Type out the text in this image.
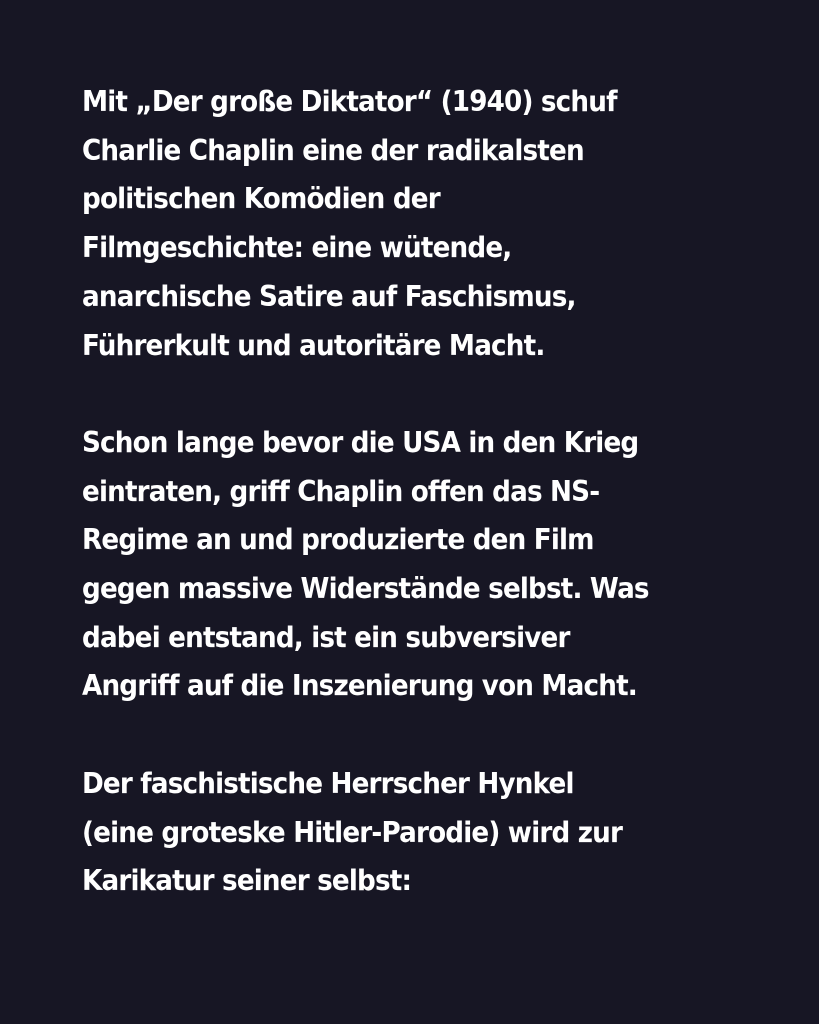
Mit „Der große Diktator“ (1940) schuf
Charlie Chaplin eine der radikalsten
politischen Komödien der
Filmgeschichte: eine wütende,
anarchische Satire auf Faschismus,
Führerkult und autoritäre Macht.
Schon lange bevor die USA in den Krieg
eintraten, griff Chaplin offen das NS-
Regime an und produzierte den Film
gegen massive Widerstände selbst. Was
dabei entstand, ist ein subversiver
Angriff auf die Inszenierung von Macht.
Der faschistische Herrscher Hynkel
(eine groteske Hitler-Parodie) wird zur
Karikatur seiner selbst:
